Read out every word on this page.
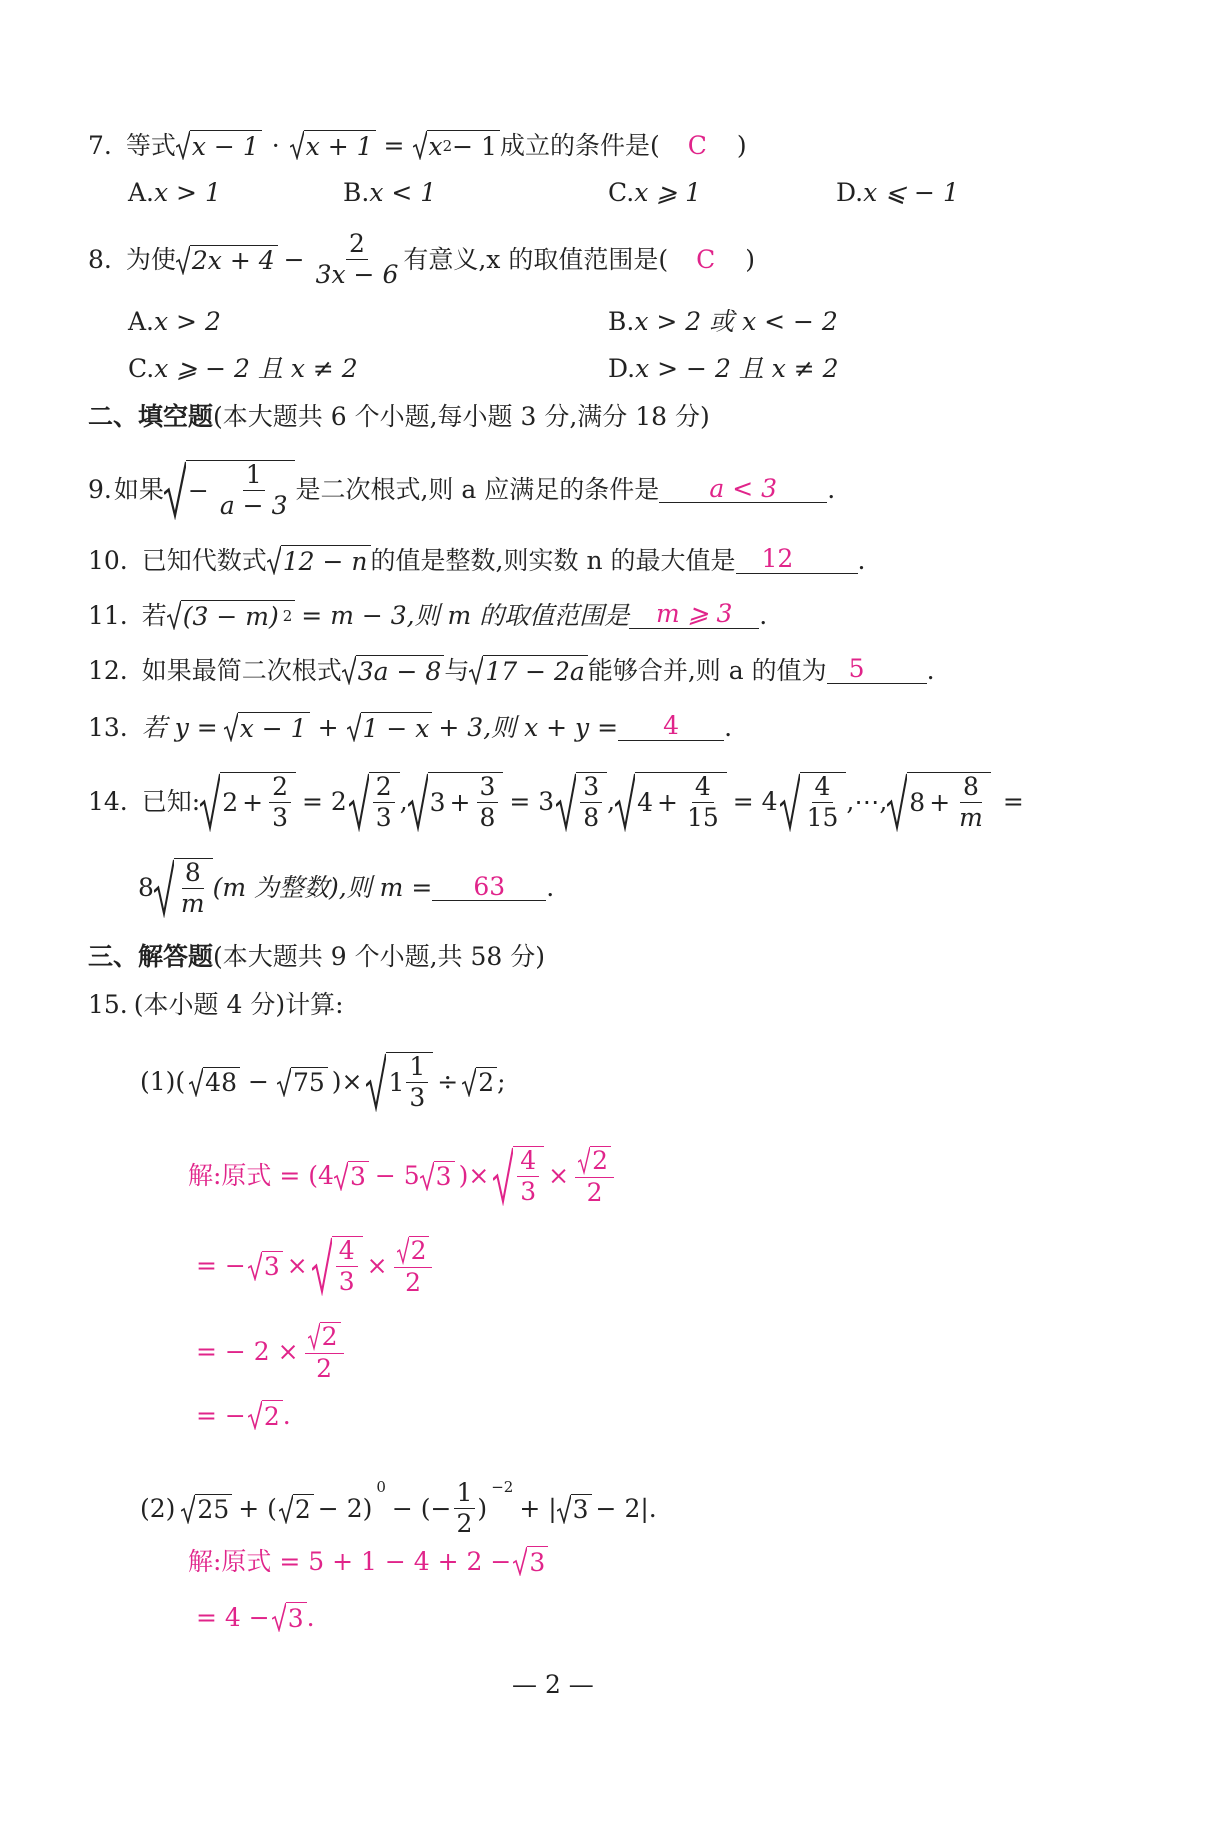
7. 等式 x − 1 · x + 1 = x 2 − 1 成立的条件是( C )
A. x > 1	B. x < 1	C. x ⩾ 1	D. x ⩽ − 1
8. 为使 $2x + 4 - \frac{2}{3x - 6}$ 有意义,x 的取值范围是( C )
A. x > 2	B. x > 2 或 x < − 2
C. x ⩾ − 2 且 x ≠ 2	D. x > − 2 且 x ≠ 2
二、填空题 (本大题共 6 个小题,每小题 3 分,满分 18 分)
9. 如果 − $\frac{1}{a - 3}$ 是二次根式,则 a 应满足的条件是	a < 3	.
10. 已知代数式 12 − n 的值是整数,则实数 n 的最大值是	12	.
11. 若 (3 − m) 2 = m − 3,则 m 的取值范围是	m ⩾ 3	.
12. 如果最简二次根式 3a − 8 与 17 − 2a 能够合并,则 a 的值为 5	.
13. 若 y = x − 1 + 1 − x + 3,则 x + y =	4	.
14. 已知: $2 + \frac{2}{3} = 2$
2
3
, $3 + \frac{3}{8} = 3$
3
8
, $4 + \frac{4}{15} = 4$
4
15
,⋯, $8 + \frac{8}{m}$ =
8
8
m
(m 为整数),则 m =	63	.
三、解答题 (本大题共 9 个小题,共 58 分)
15. (本小题 4 分)计算:
(1)( 48 − 75 )× 1
1
3
÷ 2 ;
解:原式 = (4 3 − 5 3 )×
4
3
× $\frac{2}{2}$
= − 3 ×
4
3
× $\frac{2}{2}$
= − $2 \times \frac{2}{2}$
= − 2 .
(2) 25 + ( 2 − 2)
0
− (− $\frac{1}{2}$ )
−2
+ | 3 − 2|.
解:原式 = 5 + 1 − 4 + 2 − 3
= 4 − 3 .
— 2 —
